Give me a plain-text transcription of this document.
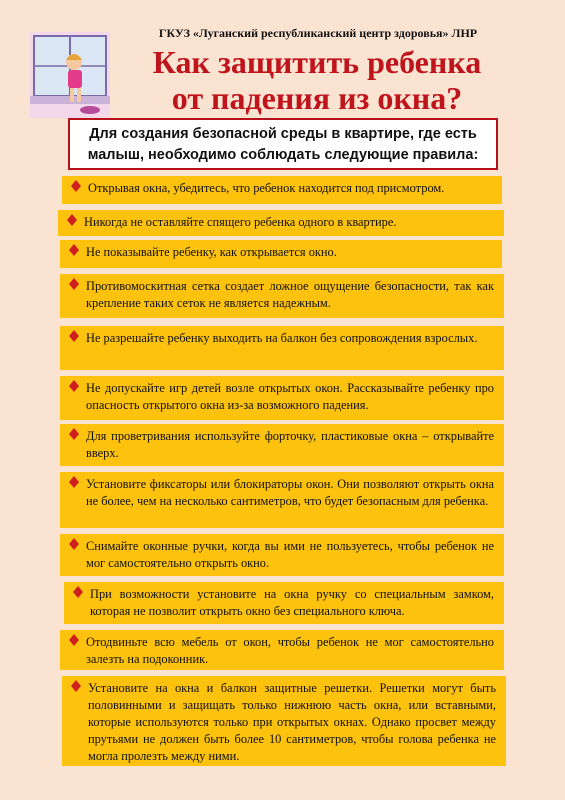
ГКУЗ «Луганский республиканский центр здоровья» ЛНР
Как защитить ребенка
от падения из окна?
Для создания безопасной среды в квартире, где есть малыш, необходимо соблюдать следующие правила:
Открывая окна, убедитесь, что ребенок находится под присмотром.
Никогда не оставляйте спящего ребенка одного в квартире.
Не показывайте ребенку, как открывается окно.
Противомоскитная сетка создает ложное ощущение безопасности, так как крепление таких сеток не является надежным.
Не разрешайте ребенку выходить на балкон без сопровождения взрослых.
Не допускайте игр детей возле открытых окон. Рассказывайте ребенку про опасность открытого окна из-за возможного падения.
Для проветривания используйте форточку, пластиковые окна – открывайте вверх.
Установите фиксаторы или блокираторы окон. Они позволяют открыть окна не более, чем на несколько сантиметров, что будет безопасным для ребенка.
Снимайте оконные ручки, когда вы ими не пользуетесь, чтобы ребенок не мог самостоятельно открыть окно.
При возможности установите на окна ручку со специальным замком, которая не позволит открыть окно без специального ключа.
Отодвиньте всю мебель от окон, чтобы ребенок не мог самостоятельно залезть на подоконник.
Установите на окна и балкон защитные решетки. Решетки могут быть половинными и защищать только нижнюю часть окна, или вставными, которые используются только при открытых окнах. Однако просвет между прутьями не должен быть более 10 сантиметров, чтобы голова ребенка не могла пролезть между ними.
